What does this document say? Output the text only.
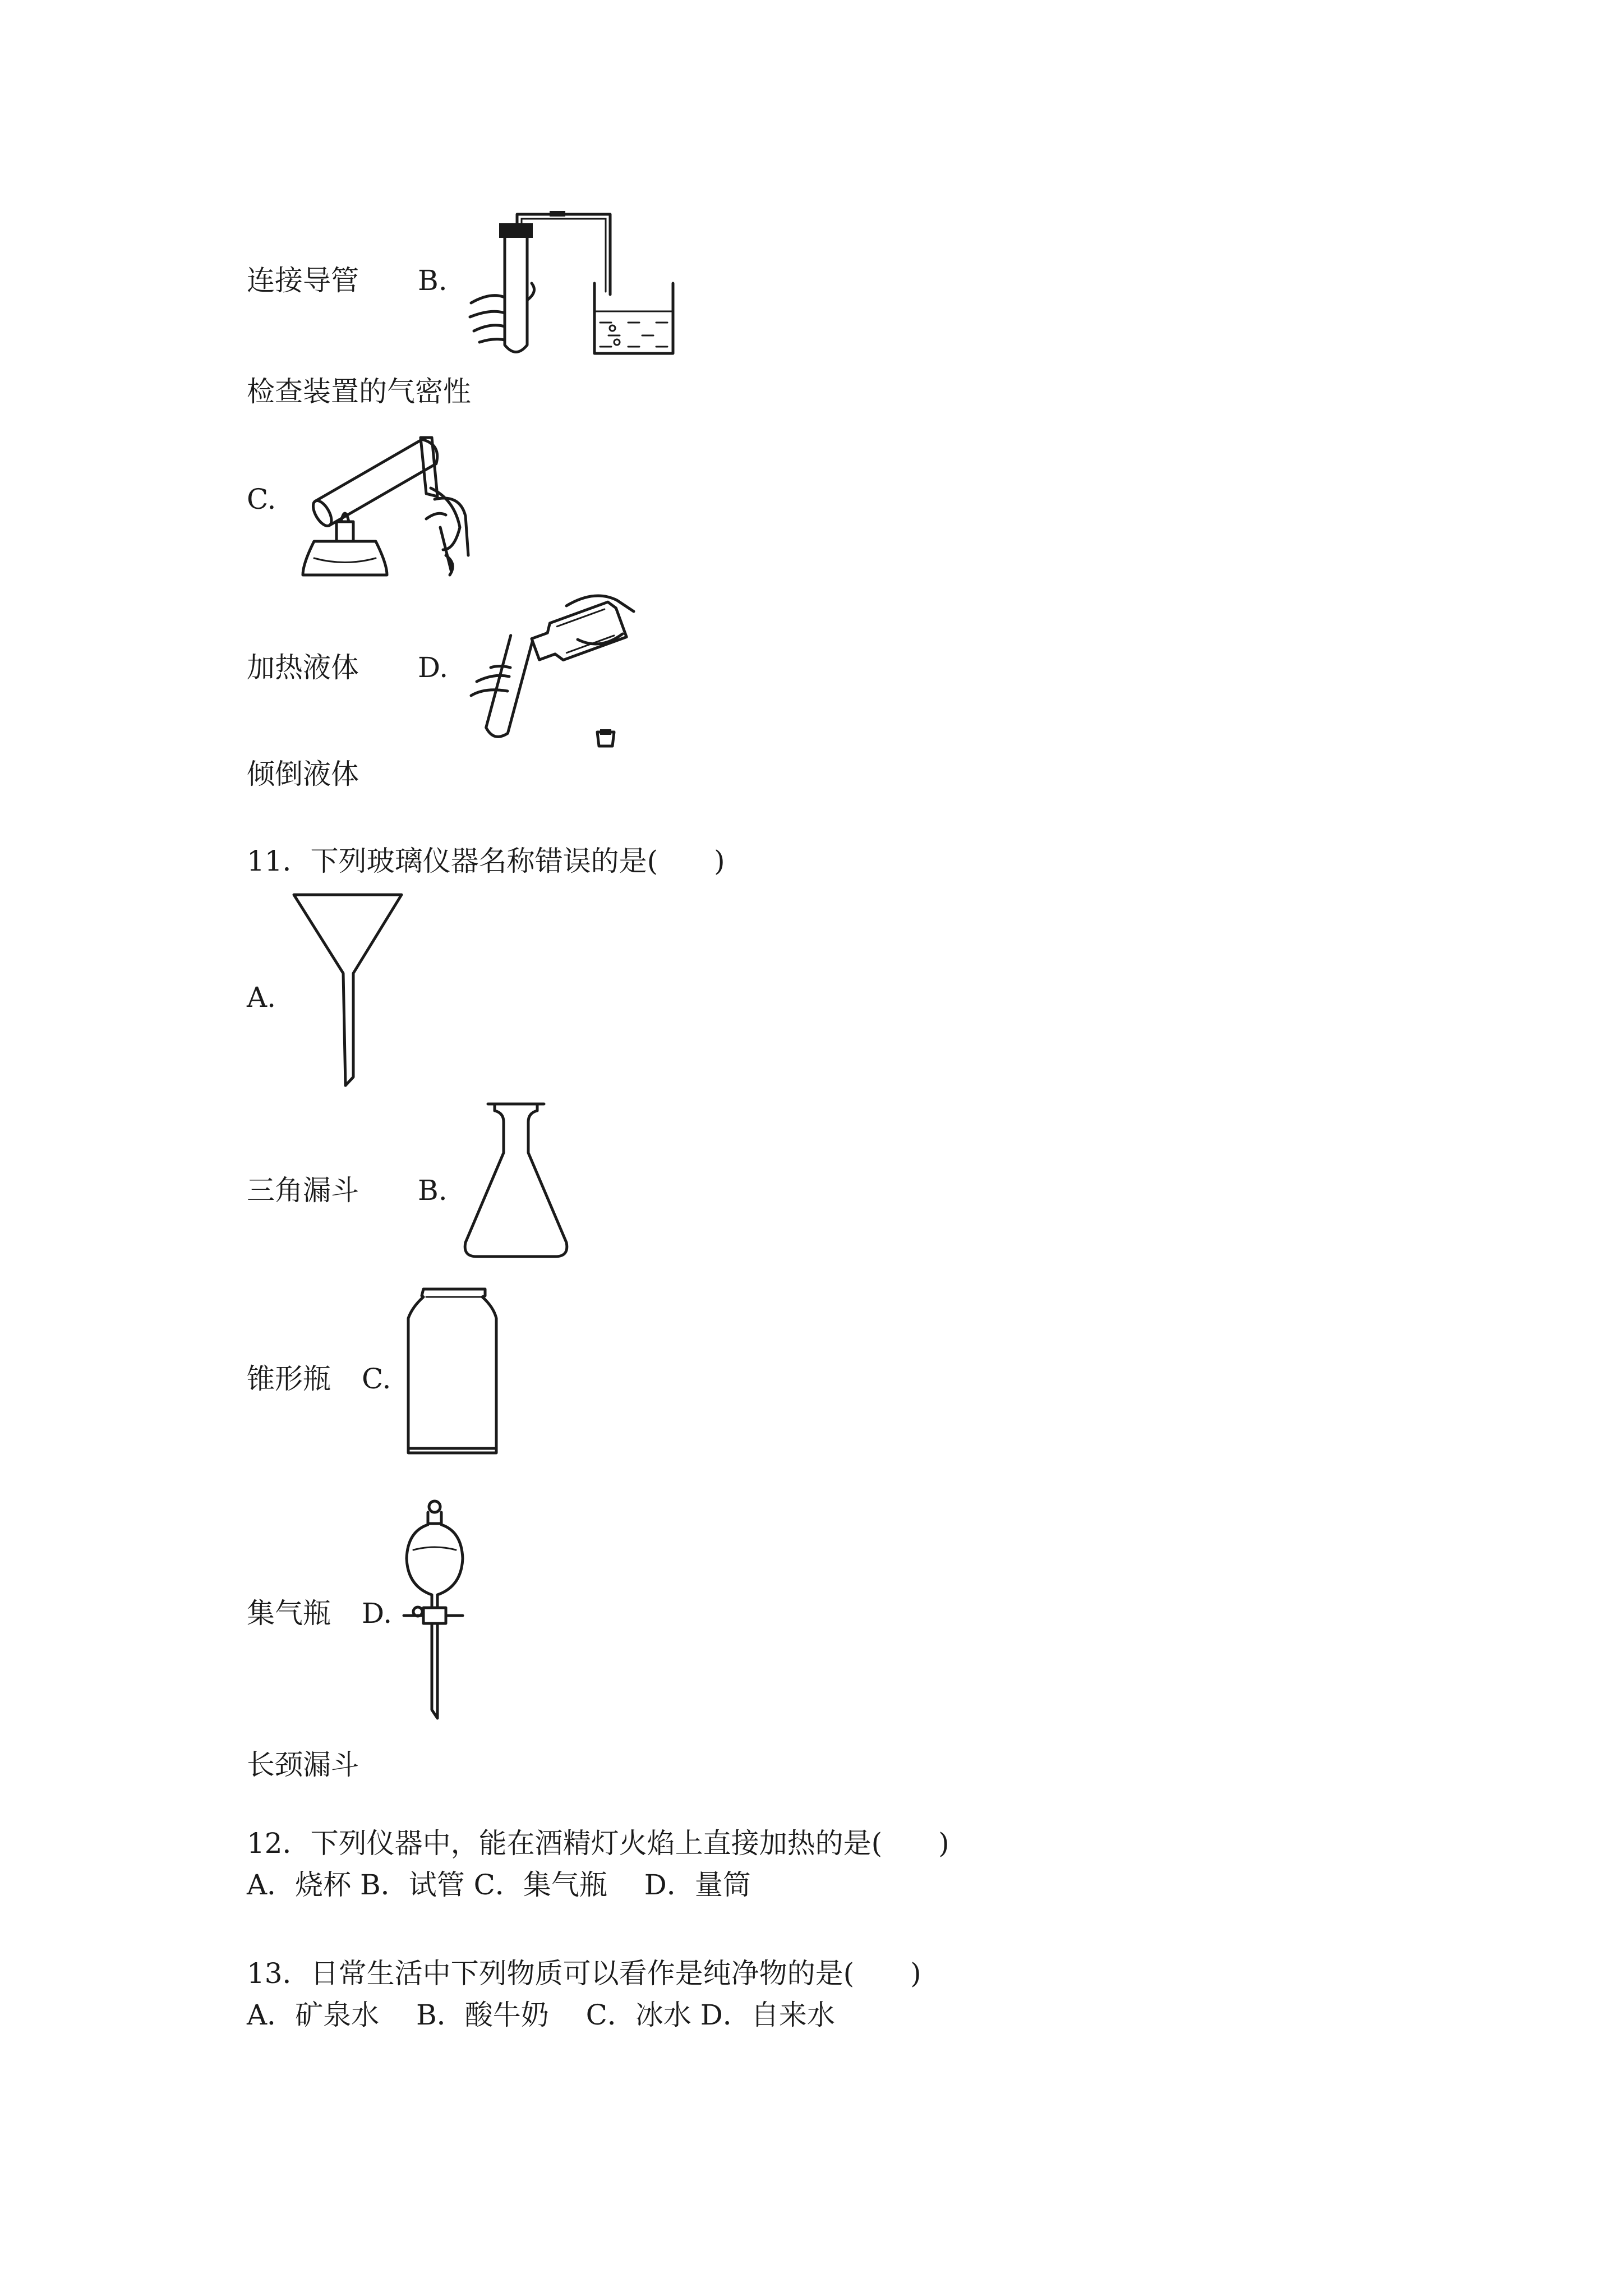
连接导管 B.
检查装置的气密性
C.
加热液体 D.
倾倒液体
11．下列玻璃仪器名称错误的是(　　)
A.
三角漏斗 B.
锥形瓶 C.
集气瓶 D.
长颈漏斗
12．下列仪器中，能在酒精灯火焰上直接加热的是(　　)
A．烧杯 B．试管 C．集气瓶　 D．量筒
13．日常生活中下列物质可以看作是纯净物的是(　　)
A．矿泉水　 B．酸牛奶　 C．冰水 D．自来水
